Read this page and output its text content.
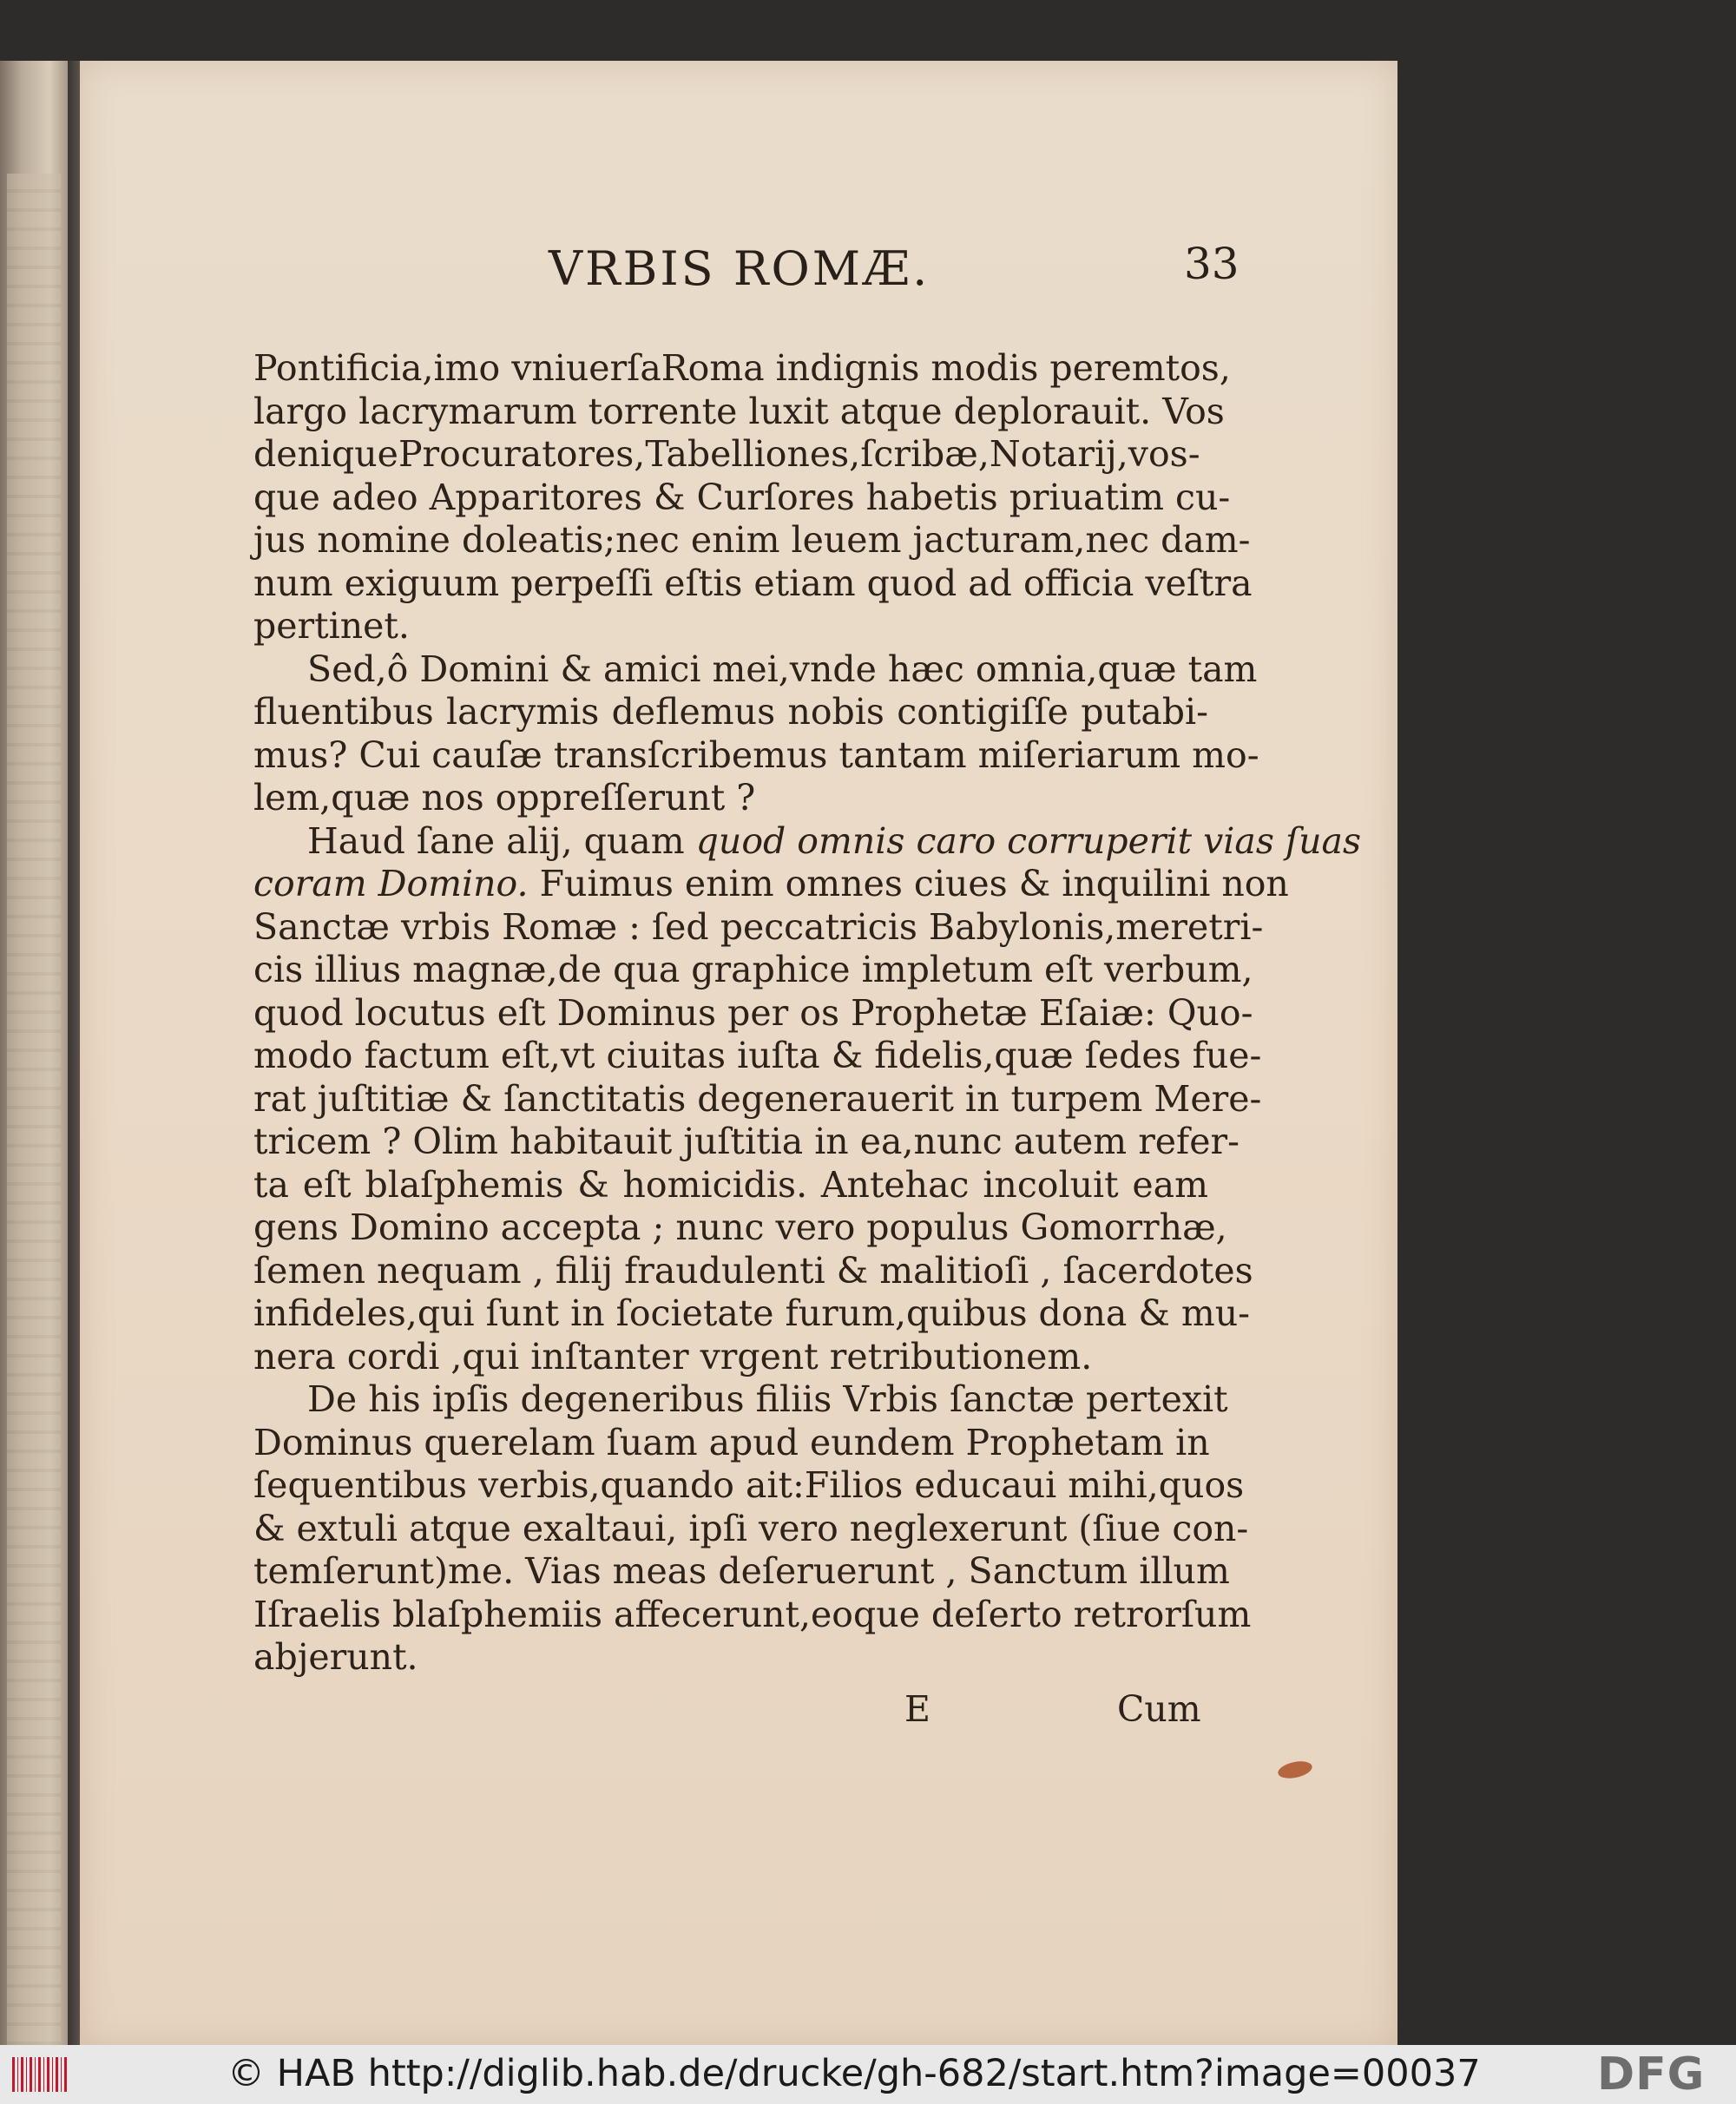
VRBIS ROMÆ.	33
Pontificia,imo vniuerſaRoma indignis modis peremtos,
largo lacrymarum torrente luxit atque deplorauit. Vos
deniqueProcuratores,Tabelliones,ſcribæ,Notarij,vos-
que adeo Apparitores & Curſores habetis priuatim cu-
jus nomine doleatis;nec enim leuem jacturam,nec dam-
num exiguum perpeſſi eſtis etiam quod ad officia veſtra
pertinet.
Sed,ô Domini & amici mei,vnde hæc omnia,quæ tam
fluentibus lacrymis deflemus nobis contigiſſe putabi-
mus? Cui cauſæ transſcribemus tantam miſeriarum mo-
lem,quæ nos oppreſſerunt ?
Haud ſane alij, quam quod omnis caro corruperit vias ſuas
coram Domino. Fuimus enim omnes ciues & inquilini non
Sanctæ vrbis Romæ : ſed peccatricis Babylonis,meretri-
cis illius magnæ,de qua graphice impletum eſt verbum,
quod locutus eſt Dominus per os Prophetæ Eſaiæ: Quo-
modo factum eſt,vt ciuitas iuſta & fidelis,quæ ſedes fue-
rat juſtitiæ & ſanctitatis degenerauerit in turpem Mere-
tricem ? Olim habitauit juſtitia in ea,nunc autem refer-
ta eſt blaſphemis & homicidis. Antehac incoluit eam
gens Domino accepta ; nunc vero populus Gomorrhæ,
ſemen nequam , filij fraudulenti & malitioſi , ſacerdotes
infideles,qui ſunt in ſocietate furum,quibus dona & mu-
nera cordi ,qui inſtanter vrgent retributionem.
De his ipſis degeneribus filiis Vrbis ſanctæ pertexit
Dominus querelam ſuam apud eundem Prophetam in
ſequentibus verbis,quando ait:Filios educaui mihi,quos
& extuli atque exaltaui, ipſi vero neglexerunt (ſiue con-
temſerunt)me. Vias meas deſeruerunt , Sanctum illum
Iſraelis blaſphemiis affecerunt,eoque deſerto retrorſum
abjerunt.
E	Cum
© HAB http://diglib.hab.de/drucke/gh-682/start.htm?image=00037	DFG
